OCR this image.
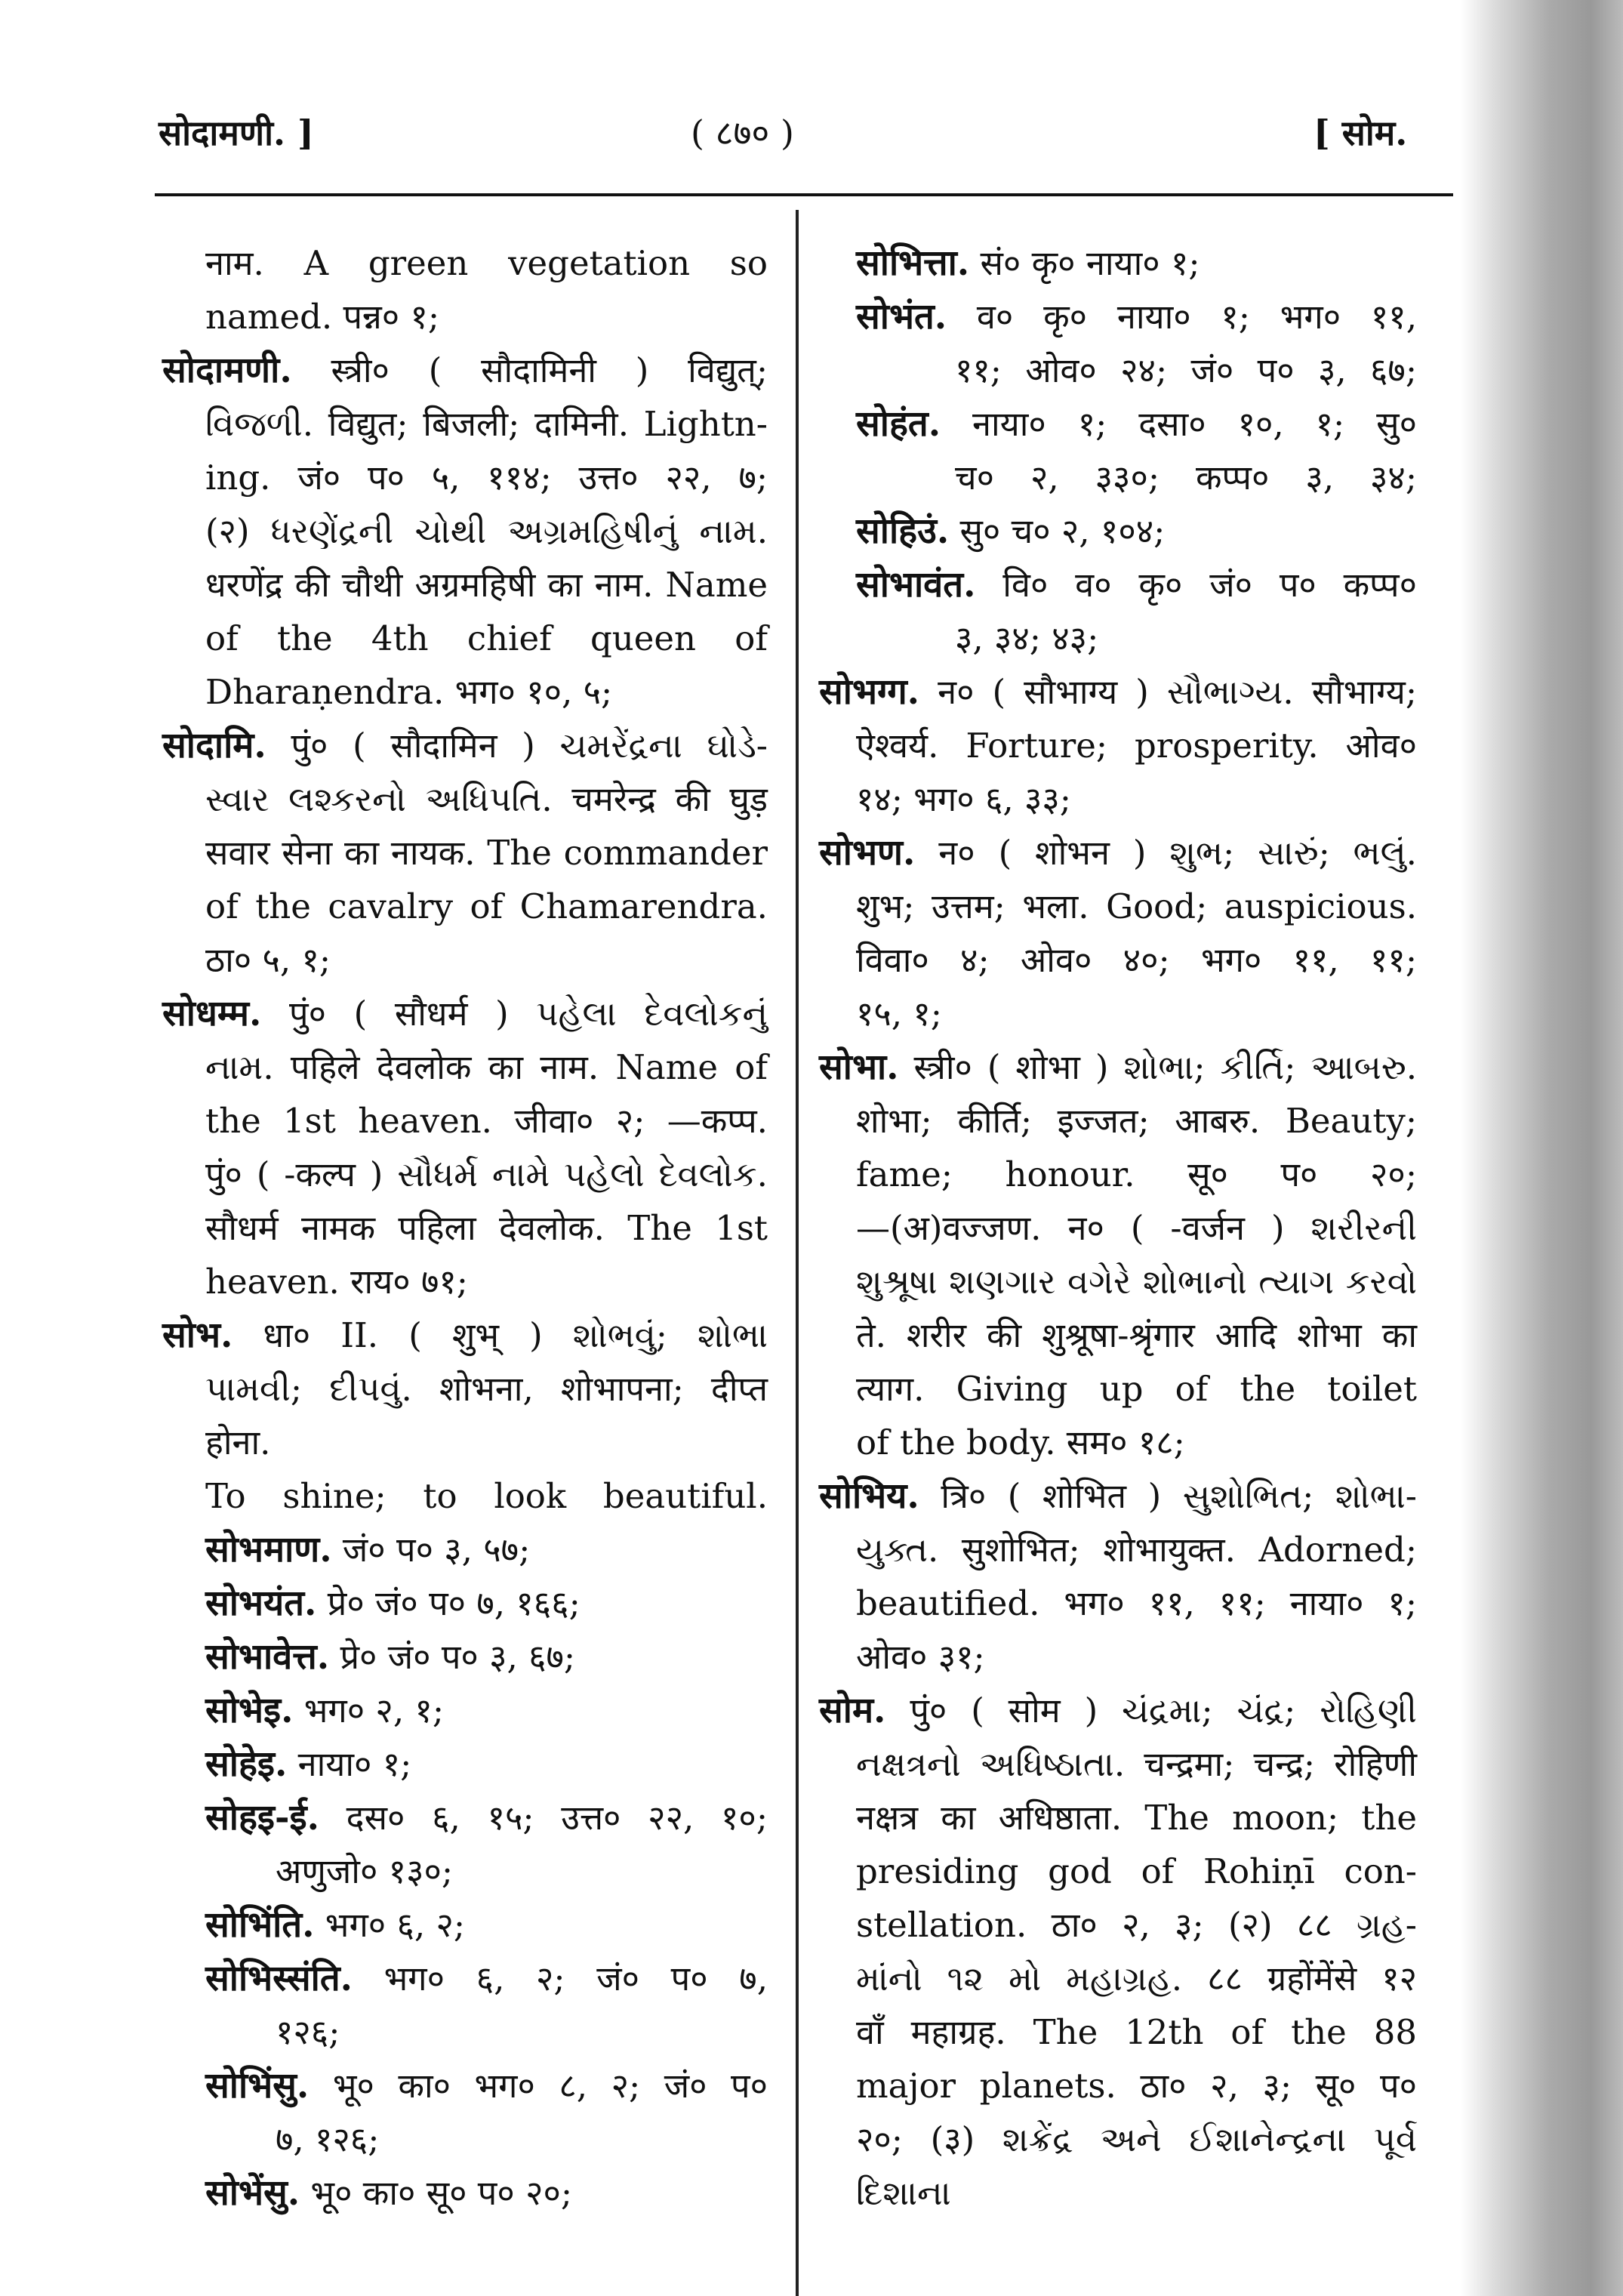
सोदामणी. ]	( ८७० )	[ सोम.
नाम. A green vegetation so
named. पन्न० १;
सोदामणी. स्त्री० ( सौदामिनी ) विद्युत्;
વિજળી. विद्युत; बिजली; दामिनी. Lightn-
ing. जं० प० ५, ११४; उत्त० २२, ७;
(२) ધરણેંદ્રની ચોથી અગ્રમહિષીનું નામ.
धरणेंद्र की चौथी अग्रमहिषी का नाम. Name
of the 4th chief queen of
Dharaṇendra. भग० १०, ५;
सोदामि. पुं० ( सौदामिन ) ચમરેંદ્રના ઘોડે-
સ્વાર લશ્કરનો અધિપતિ. चमरेन्द्र की घुड़
सवार सेना का नायक. The commander
of the cavalry of Chamarendra.
ठा० ५, १;
सोधम्म. पुं० ( सौधर्म ) પહેલા દેવલોકનું
નામ. पहिले देवलोक का नाम. Name of
the 1st heaven. जीवा० २; —कप्प.
पुं० ( -कल्प ) સૌધર્મ નામે પહેલો દેવલોક.
सौधर्म नामक पहिला देवलोक. The 1st
heaven. राय० ७१;
सोभ. धा० II. ( शुभ् ) શોભવું; શોભા
પામવી; દીપવું. शोभना, शोभापना; दीप्त होना.
To shine; to look beautiful.
सोभमाण. जं० प० ३, ५७;
सोभयंत. प्रे० जं० प० ७, १६६;
सोभावेत्त. प्रे० जं० प० ३, ६७;
सोभेइ. भग० २, १;
सोहेइ. नाया० १;
सोहइ-ई. दस० ६, १५; उत्त० २२, १०;
अणुजो० १३०;
सोभिंति. भग० ६, २;
सोभिस्संति. भग० ६, २; जं० प० ७,
१२६;
सोभिंसु. भू० का० भग० ८, २; जं० प०
७, १२६;
सोभेंसु. भू० का० सू० प० २०;
सोभित्ता. सं० कृ० नाया० १;
सोभंत. व० कृ० नाया० १; भग० ११,
११; ओव० २४; जं० प० ३, ६७;
सोहंत. नाया० १; दसा० १०, १; सु०
च० २, ३३०; कप्प० ३, ३४;
सोहिउं. सु० च० २, १०४;
सोभावंत. वि० व० कृ० जं० प० कप्प०
३, ३४; ४३;
सोभग्ग. न० ( सौभाग्य ) સૌભાગ્ય. सौभाग्य;
ऐश्वर्य. Forture; prosperity. ओव०
१४; भग० ६, ३३;
सोभण. न० ( शोभन ) શુભ; સારું; ભલું.
शुभ; उत्तम; भला. Good; auspicious.
विवा० ४; ओव० ४०; भग० ११, ११;
१५, १;
सोभा. स्त्री० ( शोभा ) શોભા; કીર્તિ; આબરુ.
शोभा; कीर्ति; इज्जत; आबरु. Beauty;
fame; honour. सू० प० २०;
—(अ)वज्जण. न० ( -वर्जन ) શરીરની
શુશ્રૂષા શણગાર વગેરે શોભાનો ત્યાગ કરવો
ते. शरीर की शुश्रूषा-श्रृंगार आदि शोभा का
त्याग. Giving up of the toilet
of the body. सम० १८;
सोभिय. त्रि० ( शोभित ) સુશોભિત; શોભા-
યુક્ત. सुशोभित; शोभायुक्त. Adorned;
beautified. भग० ११, ११; नाया० १;
ओव० ३१;
सोम. पुं० ( सोम ) ચંદ્રમા; ચંદ્ર; રોહિણી
નક્ષત્રનો અધિષ્ઠાતા. चन्द्रमा; चन्द्र; रोहिणी
नक्षत्र का अधिष्ठाता. The moon; the
presiding god of Rohiṇī con-
stellation. ठा० २, ३; (२) ८८ ગ્રહ-
માંનો ૧૨ મો મહાગ્રહ. ८८ ग्रहोंमेंसे १२
वाँ महाग्रह. The 12th of the 88
major planets. ठा० २, ३; सू० प०
२०; (३) શક્રેંદ્ર અને ઈશાનેન્દ્રના પૂર્વ દિશાના
